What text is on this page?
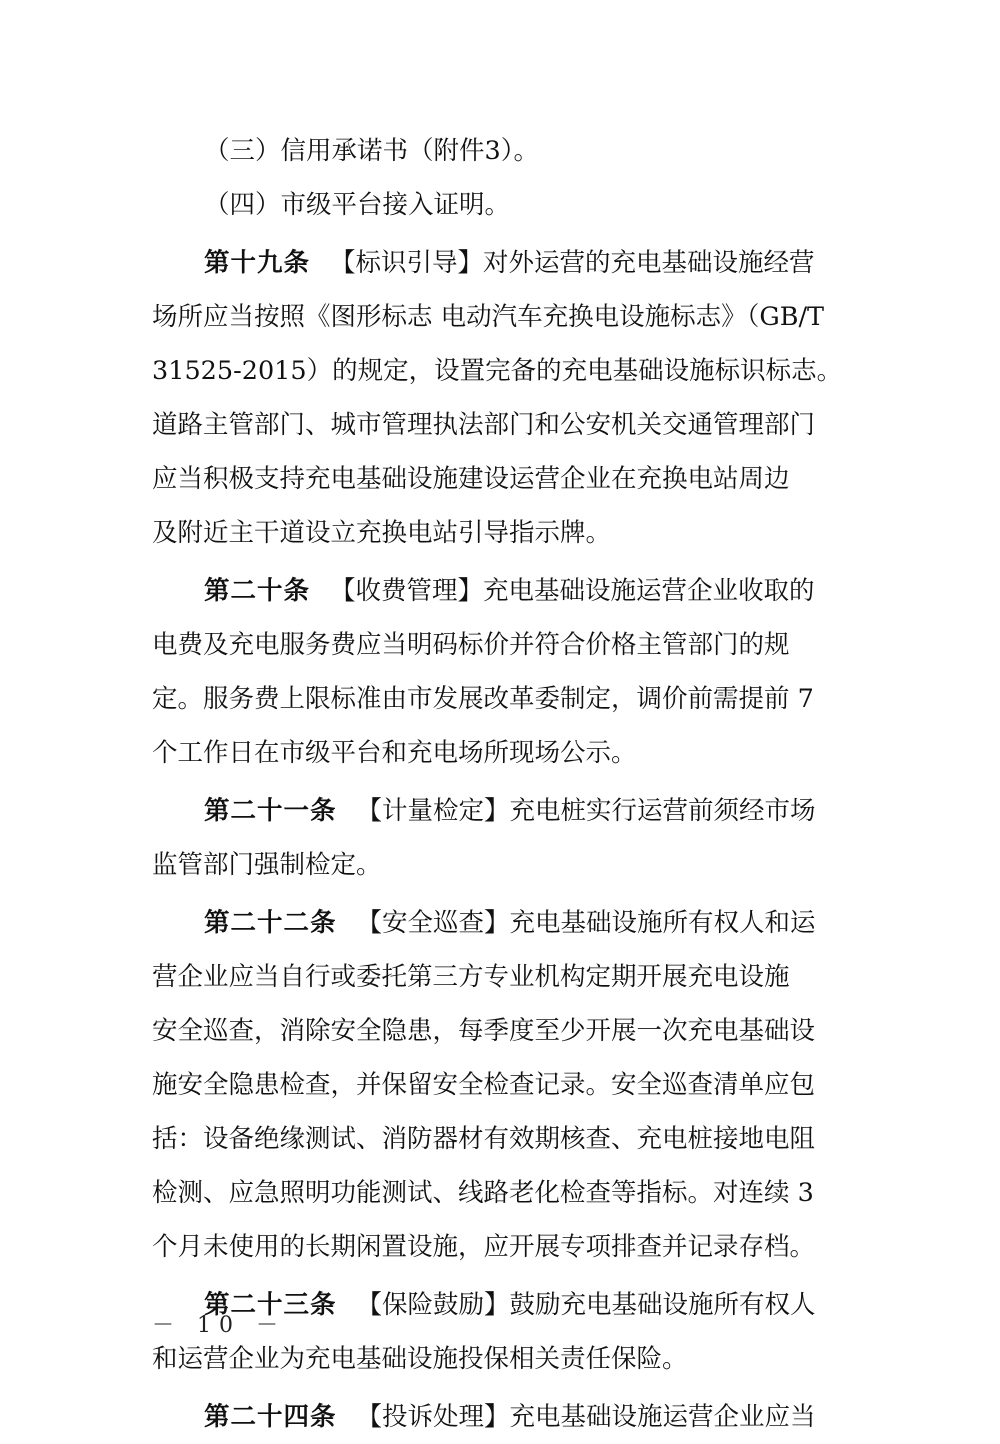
（三）信用承诺书（附件3）。
（四）市级平台接入证明。
第十九条 【标识引导】对外运营的充电基础设施经营
场所应当按照《图形标志 电动汽车充换电设施标志》（GB/T
31525-2015）的规定，设置完备的充电基础设施标识标志。
道路主管部门、城市管理执法部门和公安机关交通管理部门
应当积极支持充电基础设施建设运营企业在充换电站周边
及附近主干道设立充换电站引导指示牌。
第二十条 【收费管理】充电基础设施运营企业收取的
电费及充电服务费应当明码标价并符合价格主管部门的规
定。服务费上限标准由市发展改革委制定，调价前需提前 7
个工作日在市级平台和充电场所现场公示。
第二十一条 【计量检定】充电桩实行运营前须经市场
监管部门强制检定。
第二十二条 【安全巡查】充电基础设施所有权人和运
营企业应当自行或委托第三方专业机构定期开展充电设施
安全巡查，消除安全隐患，每季度至少开展一次充电基础设
施安全隐患检查，并保留安全检查记录。安全巡查清单应包
括：设备绝缘测试、消防器材有效期核查、充电桩接地电阻
检测、应急照明功能测试、线路老化检查等指标。对连续 3
个月未使用的长期闲置设施，应开展专项排查并记录存档。
第二十三条 【保险鼓励】鼓励充电基础设施所有权人
和运营企业为充电基础设施投保相关责任保险。
第二十四条 【投诉处理】充电基础设施运营企业应当
－ 10 －
